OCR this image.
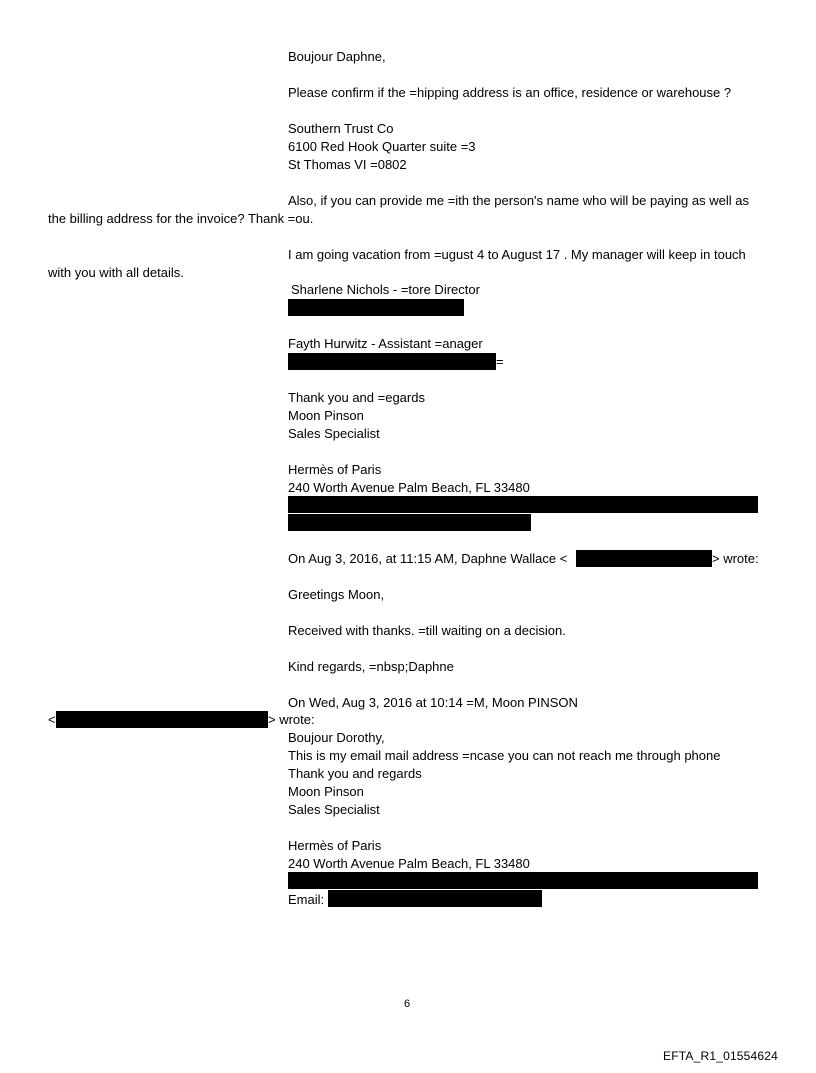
Boujour Daphne,
Please confirm if the =hipping address is an office, residence or warehouse ?
Southern Trust Co
6100 Red Hook Quarter suite =3
St Thomas VI =0802
Also, if you can provide me =ith the person's name who will be paying as well as
the billing address for the invoice? Thank =ou.
I am going vacation from =ugust 4 to August 17 . My manager will keep in touch
with you with all details.
Sharlene Nichols - =tore Director
Fayth Hurwitz - Assistant =anager
=
Thank you and =egards
Moon Pinson
Sales Specialist
Hermès of Paris
240 Worth Avenue Palm Beach, FL 33480
On Aug 3, 2016, at 11:15 AM, Daphne Wallace <	> wrote:
Greetings Moon,
Received with thanks. =till waiting on a decision.
Kind regards, =nbsp;Daphne
On Wed, Aug 3, 2016 at 10:14 =M, Moon PINSON
<	> wrote:
Boujour Dorothy,
This is my email mail address =ncase you can not reach me through phone
Thank you and regards
Moon Pinson
Sales Specialist
Hermès of Paris
240 Worth Avenue Palm Beach, FL 33480
Email:
6
EFTA_R1_01554624
